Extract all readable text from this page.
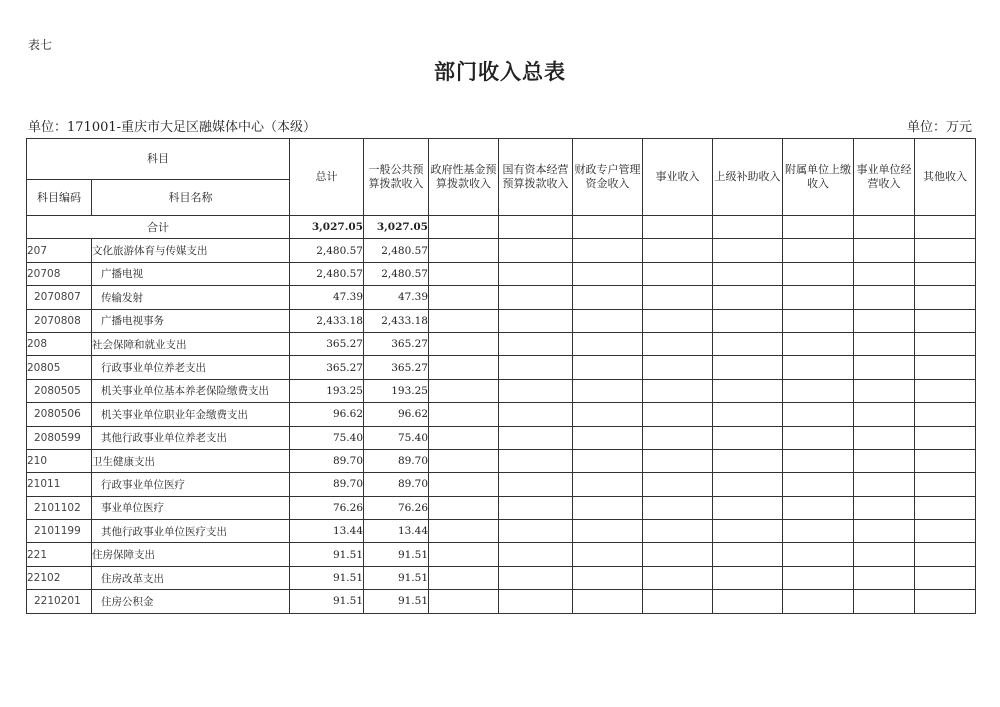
表七
部门收入总表
单位：171001-重庆市大足区融媒体中心（本级）	单位：万元
科目		总计	一般公共预算拨款收入	政府性基金预算拨款收入	国有资本经营预算拨款收入	财政专户管理资金收入	事业收入	上级补助收入	附属单位上缴收入	事业单位经营收入	其他收入
科目编码	科目名称										
合计		3,027.05	3,027.05								
207	文化旅游体育与传媒支出	2,480.57	2,480.57								
20708	广播电视	2,480.57	2,480.57								
2070807	传输发射	47.39	47.39								
2070808	广播电视事务	2,433.18	2,433.18								
208	社会保障和就业支出	365.27	365.27								
20805	行政事业单位养老支出	365.27	365.27								
2080505	机关事业单位基本养老保险缴费支出	193.25	193.25								
2080506	机关事业单位职业年金缴费支出	96.62	96.62								
2080599	其他行政事业单位养老支出	75.40	75.40								
210	卫生健康支出	89.70	89.70								
21011	行政事业单位医疗	89.70	89.70								
2101102	事业单位医疗	76.26	76.26								
2101199	其他行政事业单位医疗支出	13.44	13.44								
221	住房保障支出	91.51	91.51								
22102	住房改革支出	91.51	91.51								
2210201	住房公积金	91.51	91.51								
